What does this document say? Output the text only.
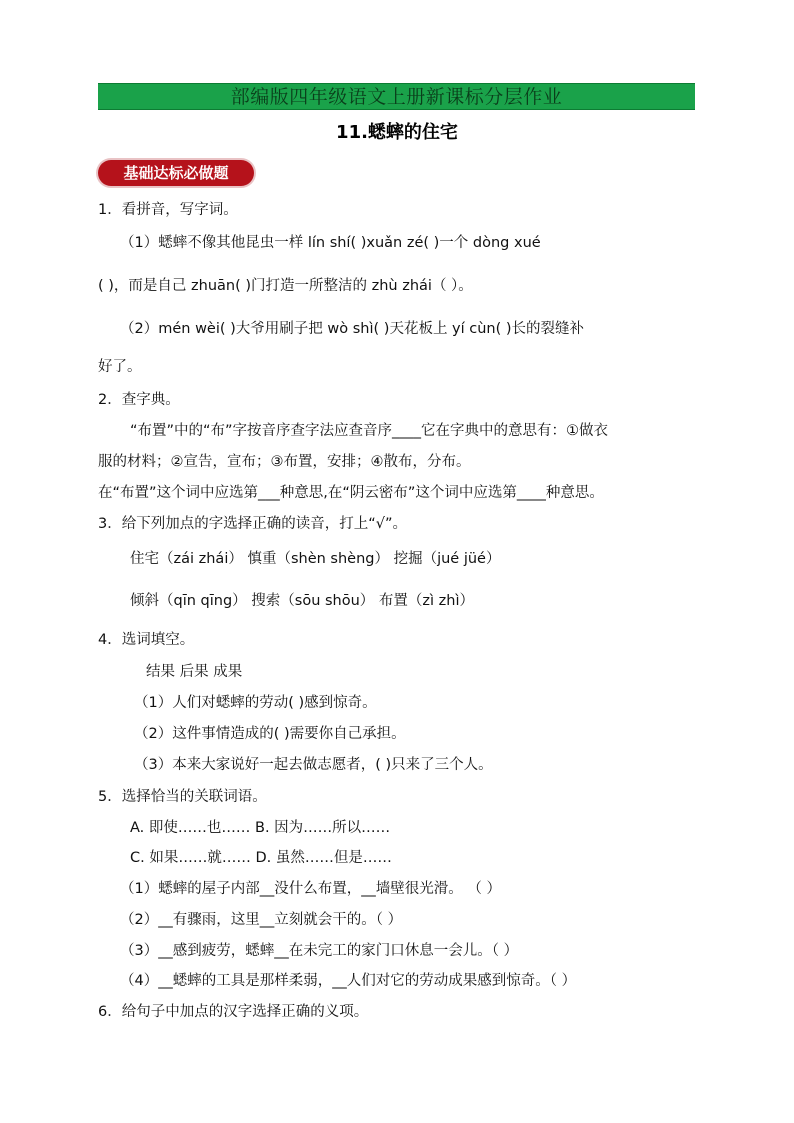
部编版四年级语文上册新课标分层作业
11.蟋蟀的住宅
基础达标必做题
1．看拼音，写字词。
（1）蟋蟀不像其他昆虫一样 lín shí( )xuǎn zé( )一个 dòng xué
( )，而是自己 zhuān( )门打造一所整洁的 zhù zhái（ ）。
（2）mén wèi( )大爷用刷子把 wò shì( )天花板上 yí cùn( )长的裂缝补
好了。
2．查字典。
“布置”中的“布”字按音序查字法应查音序____它在字典中的意思有：①做衣
服的材料；②宣告，宣布；③布置，安排；④散布，分布。
在“布置”这个词中应选第___种意思,在“阴云密布”这个词中应选第____种意思。
3．给下列加点的字选择正确的读音，打上“√”。
住宅（zái zhái） 慎重（shèn shèng） 挖掘（jué jüé）
倾斜（qīn qīng） 搜索（sōu shōu） 布置（zì zhì）
4．选词填空。
结果 后果 成果
（1）人们对蟋蟀的劳动( )感到惊奇。
（2）这件事情造成的( )需要你自己承担。
（3）本来大家说好一起去做志愿者，( )只来了三个人。
5．选择恰当的关联词语。
A. 即使……也…… B. 因为……所以……
C. 如果……就…… D. 虽然……但是……
（1）蟋蟀的屋子内部__没什么布置，__墙壁很光滑。 （ ）
（2）__有骤雨，这里__立刻就会干的。（ ）
（3）__感到疲劳，蟋蟀__在未完工的家门口休息一会儿。（ ）
（4）__蟋蟀的工具是那样柔弱，__人们对它的劳动成果感到惊奇。（ ）
6．给句子中加点的汉字选择正确的义项。
